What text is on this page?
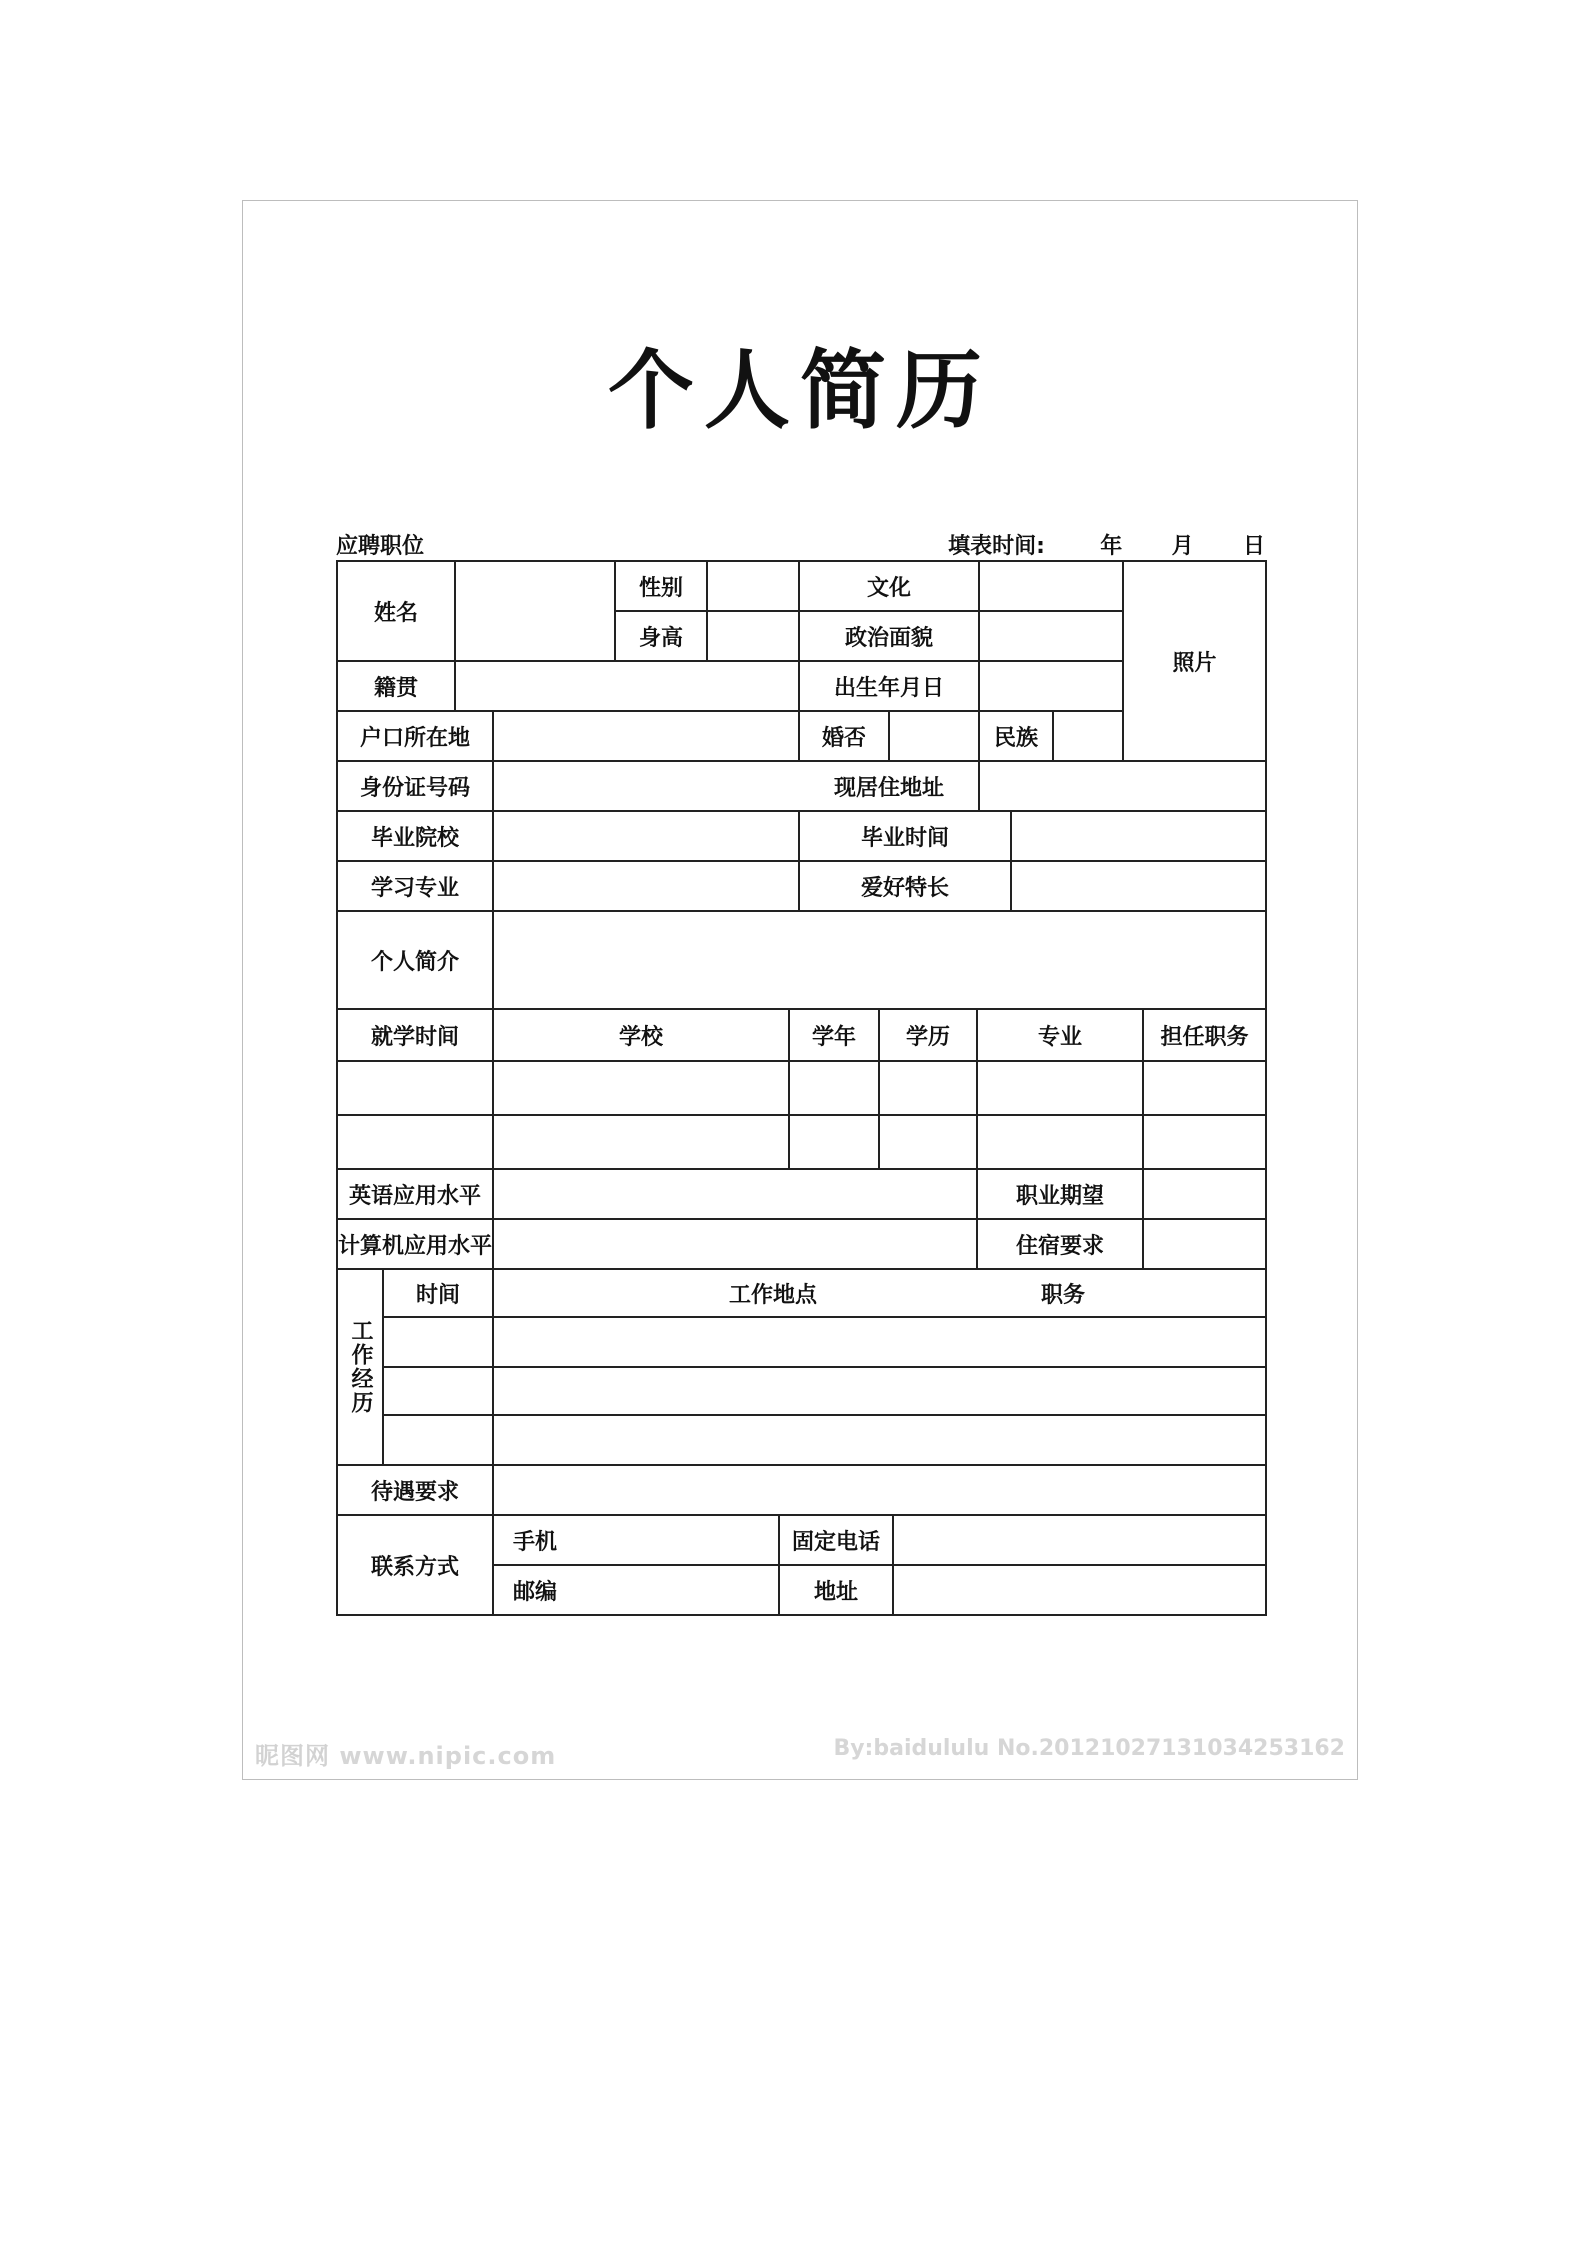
个人简历
应聘职位	填表时间:	年 月 日
姓名
性别	文化
身高	政治面貌
照片
籍贯	出生年月日
户口所在地	婚否	民族
身份证号码	现居住地址
毕业院校	毕业时间
学习专业	爱好特长
个人简介
就学时间	学校	学年	学历	专业	担任职务
英语应用水平	职业期望
计算机应用水平	住宿要求
工作经历
时间	工作地点	职务
待遇要求
联系方式
手机	固定电话
邮编	地址
昵图网 www.nipic.com	By:baidululu No.20121027131034253162
